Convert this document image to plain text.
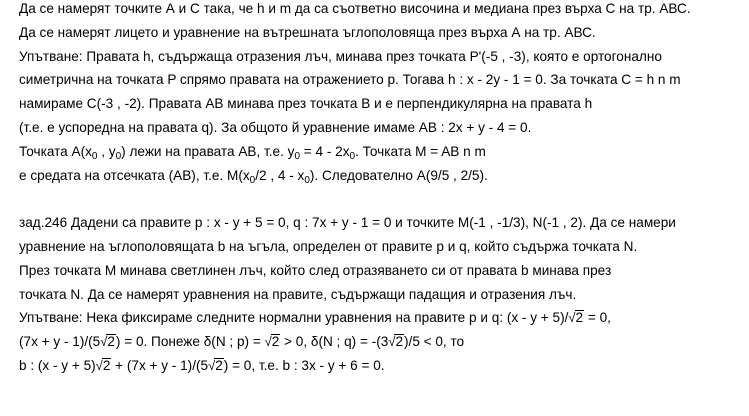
Да се намерят точките А и С така, че h и m да са съответно височина и медиана през върха С на тр. АВС.
Да се намерят лицето и уравнение на вътрешната ъглополовяща през върха А на тр. АВС.
Упътване: Правата h, съдържаща отразения лъч, минава през точката P'(-5 , -3), която е ортогонално
симетрична на точката P спрямо правата на отражението p. Тогава h : x - 2y - 1 = 0. За точката С = h n m
намираме С(-3 , -2). Правата AB минава през точката B и е перпендикулярна на правата h
(т.е. е успоредна на правата q). За общото й уравнение имаме AB : 2x + y - 4 = 0.
Точката $A(x_0$ , $y_0$) лежи на правата AB, т.е. $y_0 = 4 - 2x_0$. Точката M = AB n m
е средата на отсечката (AB), т.е. $M(x_0/2$ , $4 - x_0$). Следователно A(9/5 , 2/5).
зад.246 Дадени са правите p : x - y + 5 = 0, q : 7x + y - 1 = 0 и точките M(-1 , -1/3), N(-1 , 2). Да се намери
уравнение на ъглополовящата b на ъгъла, определен от правите p и q, който съдържа точката N.
През точката M минава светлинен лъч, който след отразяването си от правата b минава през
точката N. Да се намерят уравнения на правите, съдържащи падащия и отразения лъч.
Упътване: Нека фиксираме следните нормални уравнения на правите p и q: (x - y + 5)/√2 = 0,
(7x + y - 1)/(5√2) = 0. Понеже δ(N ; p) = √2 > 0, δ(N ; q) = -(3√2)/5 < 0, то
b : (x - y + 5)√2 + (7x + y - 1)/(5√2) = 0, т.е. b : 3x - y + 6 = 0.
